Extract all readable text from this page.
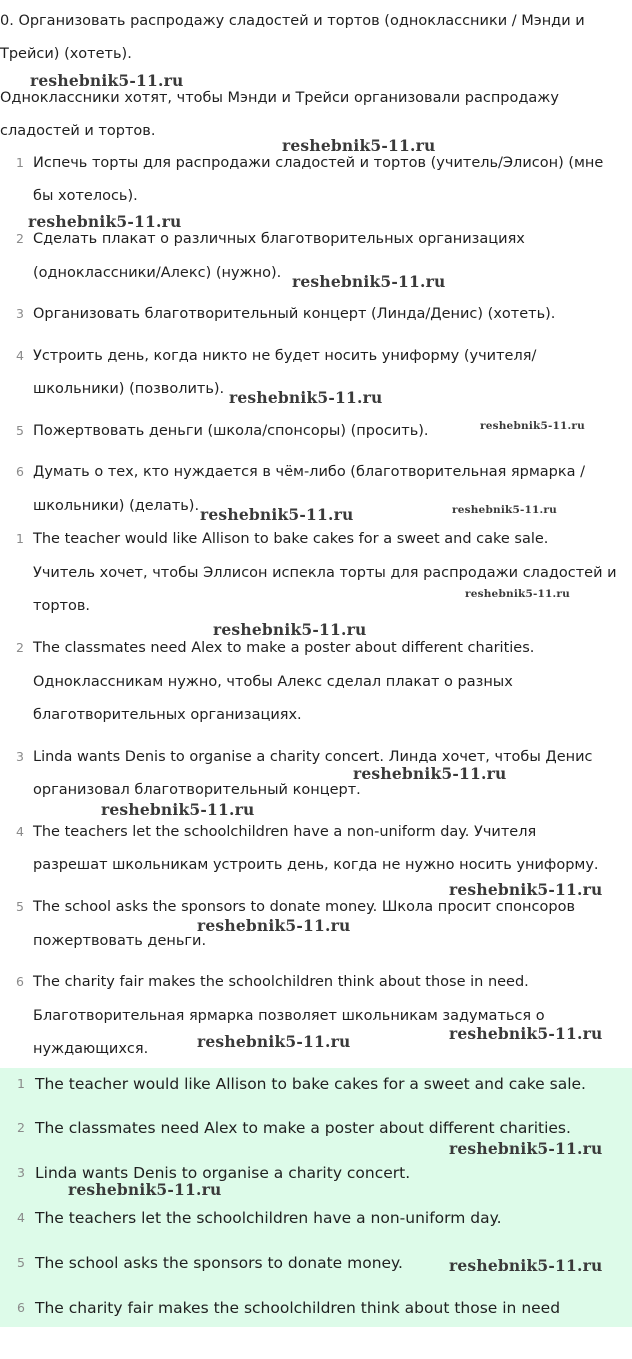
0. Организовать распродажу сладостей и тортов (одноклассники / Мэнди и
Трейси) (хотеть).
Одноклассники хотят, чтобы Мэнди и Трейси организовали распродажу
сладостей и тортов.
1 Испечь торты для распродажи сладостей и тортов (учитель/Элисон) (мне
бы хотелось).
2 Сделать плакат о различных благотворительных организациях
(одноклассники/Алекс) (нужно).
3 Организовать благотворительный концерт (Линда/Денис) (хотеть).
4 Устроить день, когда никто не будет носить униформу (учителя/
школьники) (позволить).
5 Пожертвовать деньги (школа/спонсоры) (просить).
6 Думать о тех, кто нуждается в чём-либо (благотворительная ярмарка /
школьники) (делать).
1 The teacher would like Allison to bake cakes for a sweet and cake sale.
Учитель хочет, чтобы Эллисон испекла торты для распродажи сладостей и
тортов.
2 The classmates need Alex to make a poster about different charities.
Одноклассникам нужно, чтобы Алекс сделал плакат о разных
благотворительных организациях.
3 Linda wants Denis to organise a charity concert. Линда хочет, чтобы Денис
организовал благотворительный концерт.
4 The teachers let the schoolchildren have a non-uniform day. Учителя
разрешат школьникам устроить день, когда не нужно носить униформу.
5 The school asks the sponsors to donate money. Школа просит спонсоров
пожертвовать деньги.
6 The charity fair makes the schoolchildren think about those in need.
Благотворительная ярмарка позволяет школьникам задуматься о
нуждающихся.
1 The teacher would like Allison to bake cakes for a sweet and cake sale.
2 The classmates need Alex to make a poster about different charities.
3 Linda wants Denis to organise a charity concert.
4 The teachers let the schoolchildren have a non-uniform day.
5 The school asks the sponsors to donate money.
6 The charity fair makes the schoolchildren think about those in need
reshebnik5-11.ru
reshebnik5-11.ru
reshebnik5-11.ru
reshebnik5-11.ru
reshebnik5-11.ru
reshebnik5-11.ru
reshebnik5-11.ru	reshebnik5-11.ru
reshebnik5-11.ru
reshebnik5-11.ru
reshebnik5-11.ru
reshebnik5-11.ru
reshebnik5-11.ru
reshebnik5-11.ru
reshebnik5-11.ru
reshebnik5-11.ru
reshebnik5-11.ru
reshebnik5-11.ru
reshebnik5-11.ru
